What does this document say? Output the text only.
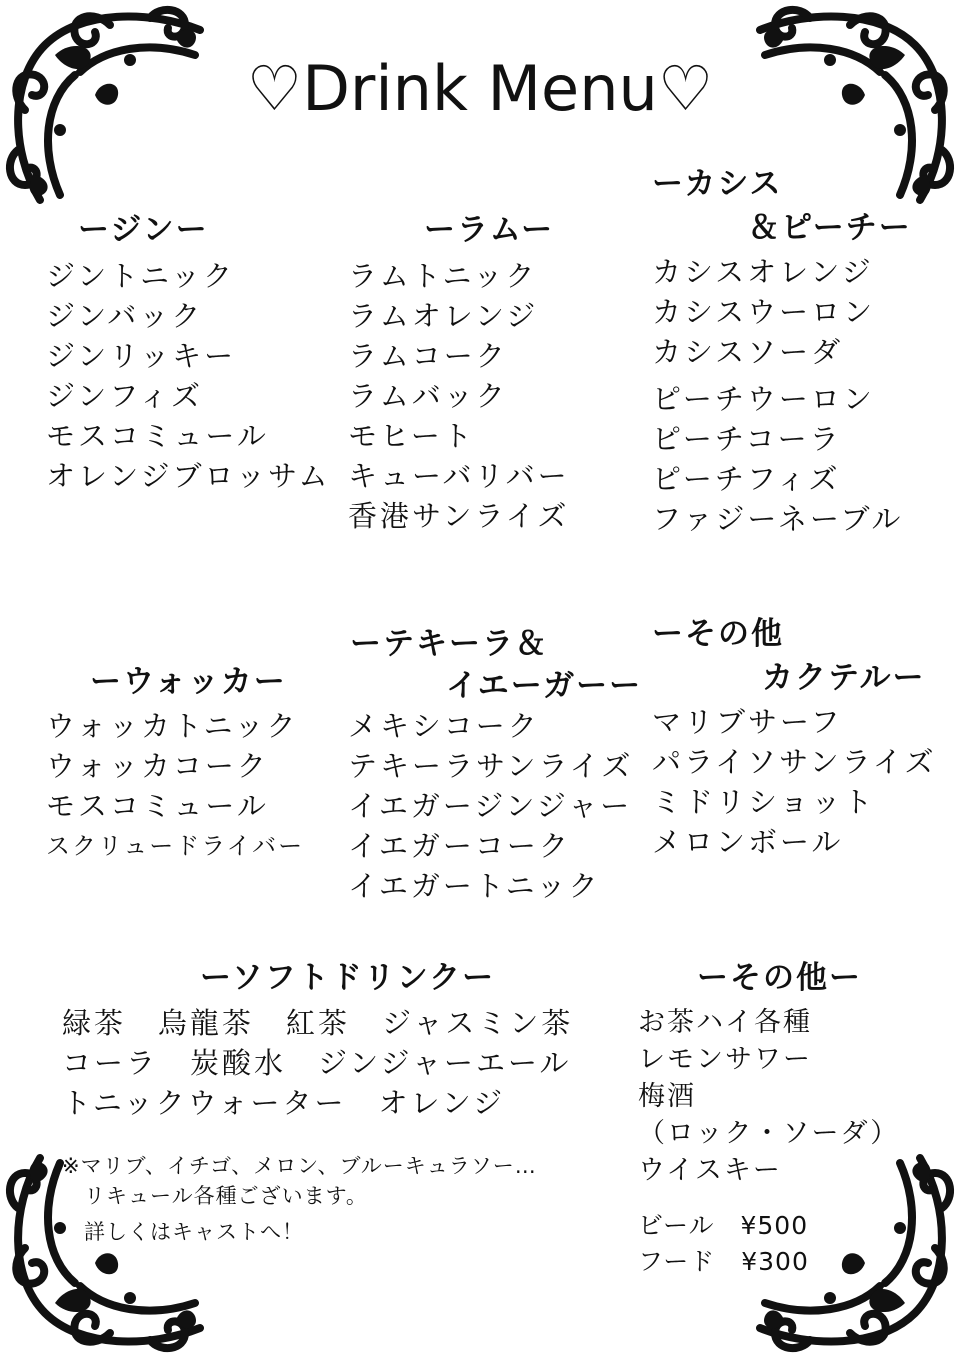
♡Drink Menu♡
ージンー
ジントニック
ジンバック
ジンリッキー
ジンフィズ
モスコミュール
オレンジブロッサム
ーラムー
ラムトニック
ラムオレンジ
ラムコーク
ラムバック
モヒート
キューバリバー
香港サンライズ
ーカシス
＆ピーチー
カシスオレンジ
カシスウーロン
カシスソーダ
ピーチウーロン
ピーチコーラ
ピーチフィズ
ファジーネーブル
ーウォッカー
ウォッカトニック
ウォッカコーク
モスコミュール
スクリュードライバー
ーテキーラ＆
イエーガーー
メキシコーク
テキーラサンライズ
イエガージンジャー
イエガーコーク
イエガートニック
ーその他
カクテルー
マリブサーフ
パライソサンライズ
ミドリショット
メロンボール
ーソフトドリンクー
緑茶　烏龍茶　紅茶　ジャスミン茶
コーラ　炭酸水　ジンジャーエール
トニックウォーター　オレンジ
※マリブ、イチゴ、メロン、ブルーキュラソー…
リキュール各種ございます。
詳しくはキャストへ！
ーその他ー
お茶ハイ各種
レモンサワー
梅酒
（ロック・ソーダ）
ウイスキー
ビール　¥500
フード　¥300
